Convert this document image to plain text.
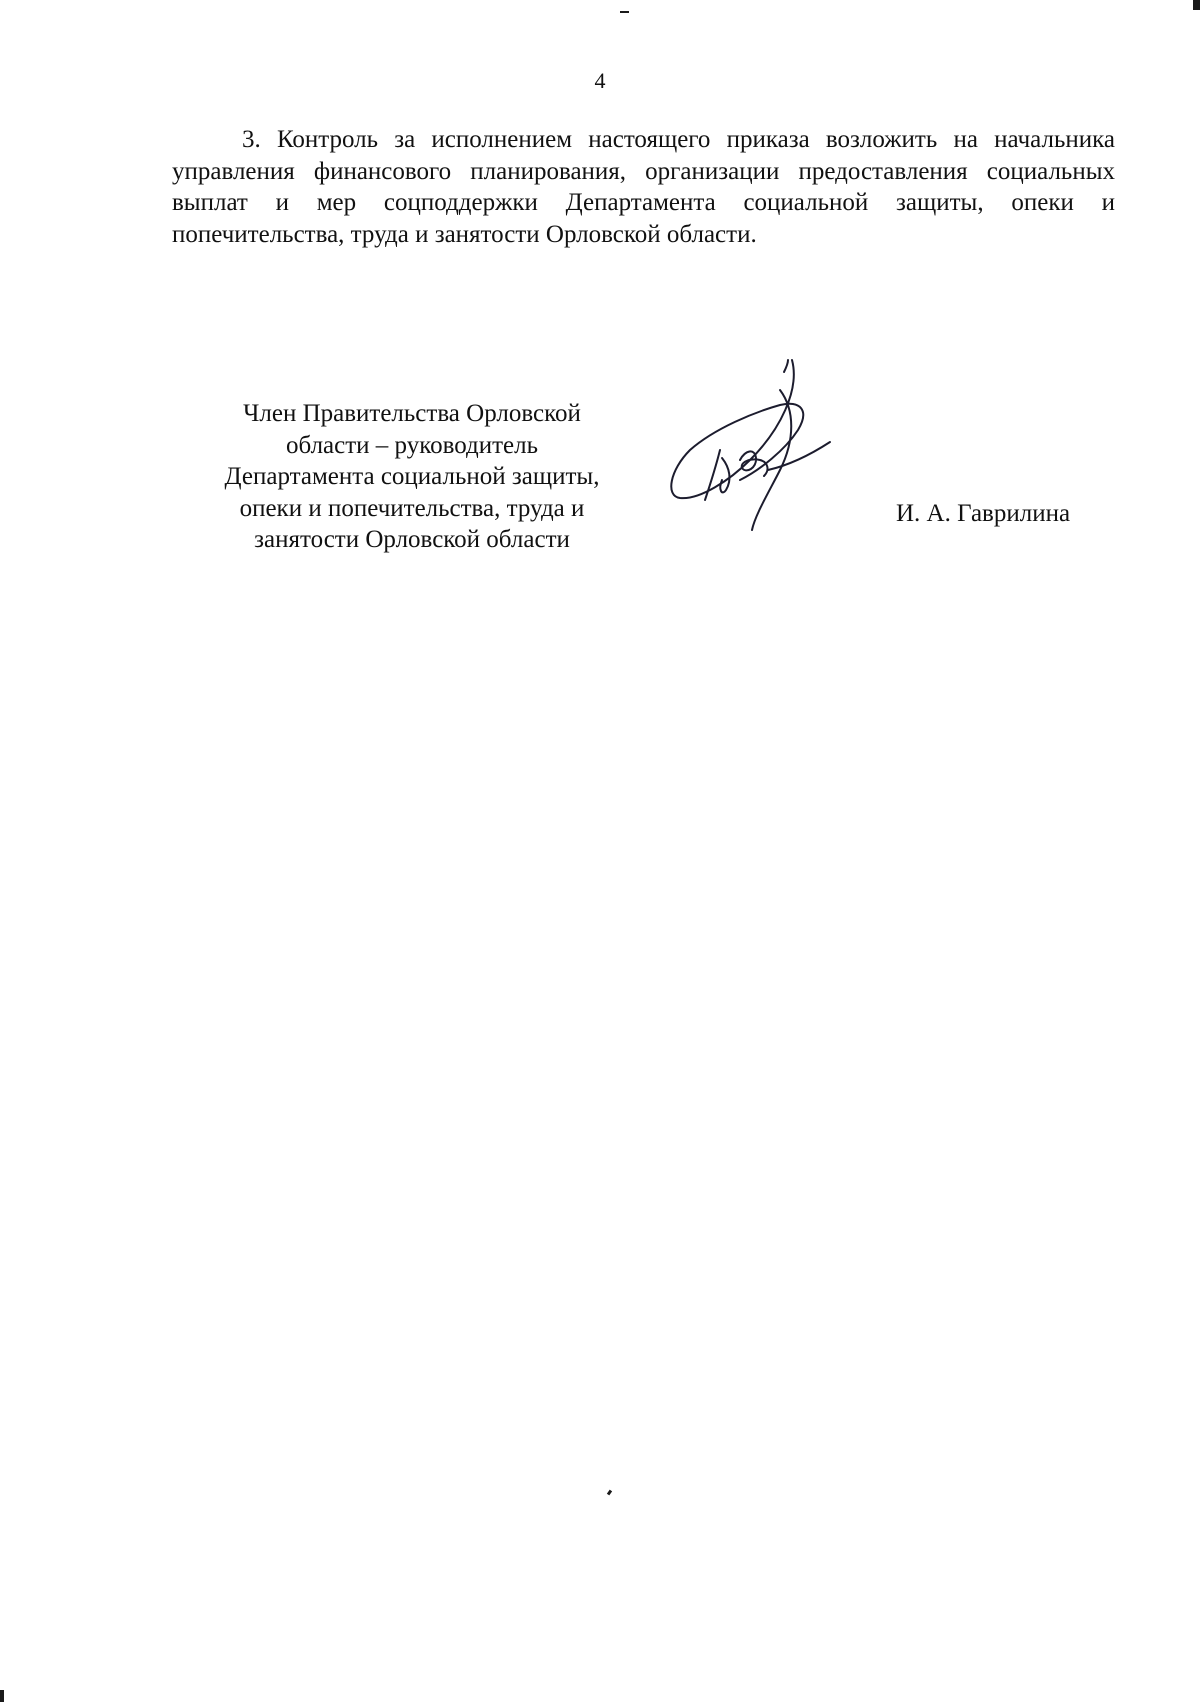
4

3. Контроль за исполнением настоящего приказа возложить на начальника управления финансового планирования, организации предоставления социальных выплат и мер соцподдержки Департамента социальной защиты, опеки и попечительства, труда и занятости Орловской области.

Член Правительства Орловской
области – руководитель
Департамента социальной защиты,
опеки и попечительства, труда и
занятости Орловской области
И. А. Гаврилина
